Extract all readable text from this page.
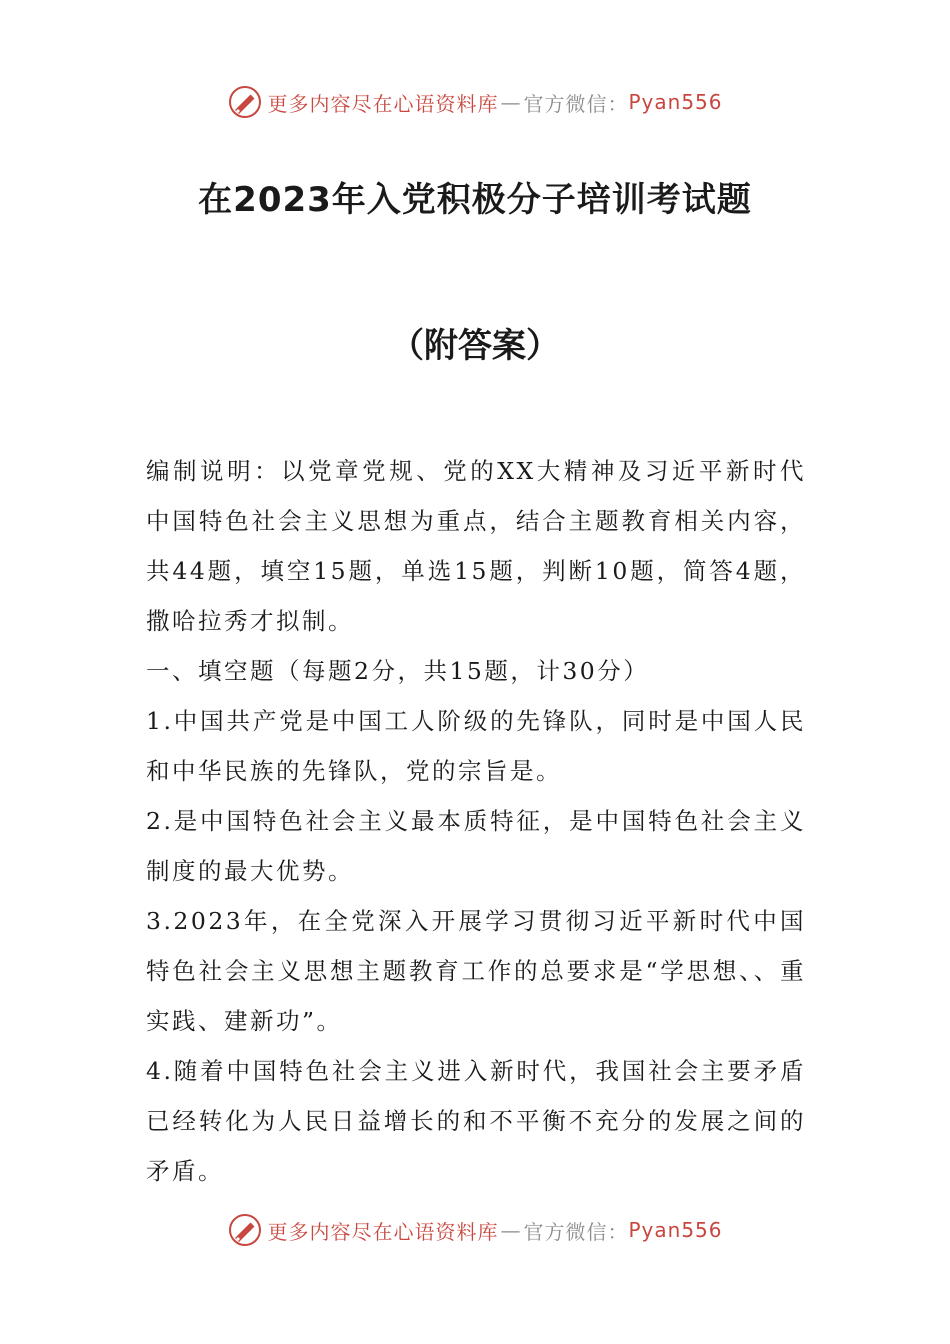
更多内容尽在心语资料库 — 官方微信： Pyan556
在2023年入党积极分子培训考试题
（附答案）

编制说明：以党章党规、党的XX大精神及习近平新时代中国特色社会主义思想为重点，结合主题教育相关内容，共44题，填空15题，单选15题，判断10题，简答4题，撒哈拉秀才拟制。

一、填空题（每题2分，共15题，计30分）

1.中国共产党是中国工人阶级的先锋队，同时是中国人民和中华民族的先锋队，党的宗旨是。

2.是中国特色社会主义最本质特征，是中国特色社会主义制度的最大优势。

3.2023年，在全党深入开展学习贯彻习近平新时代中国特色社会主义思想主题教育工作的总要求是“学思想、、重实践、建新功”。

4.随着中国特色社会主义进入新时代，我国社会主要矛盾已经转化为人民日益增长的和不平衡不充分的发展之间的矛盾。

更多内容尽在心语资料库 — 官方微信： Pyan556
